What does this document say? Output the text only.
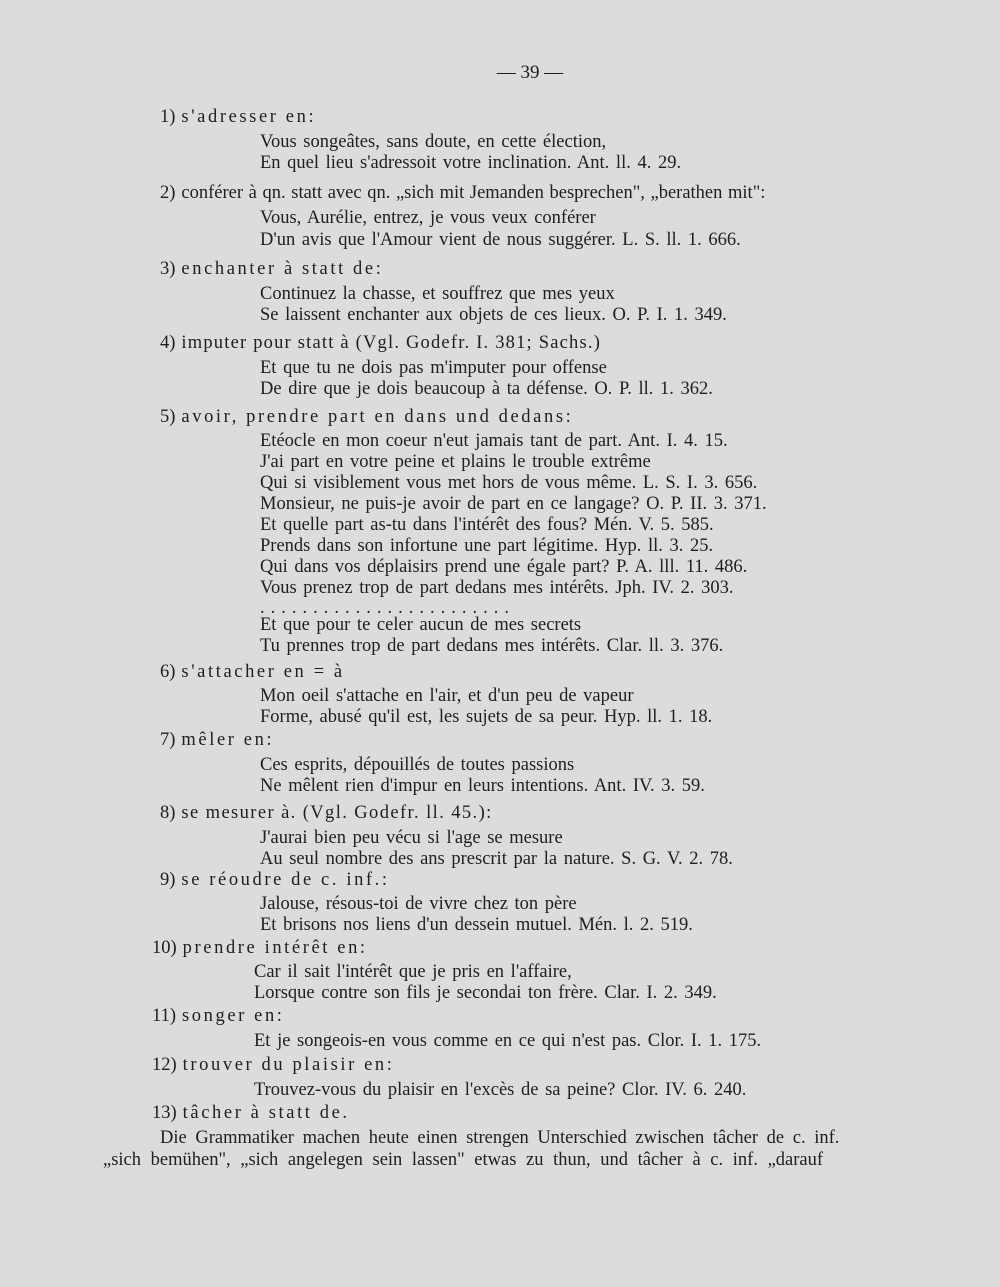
— 39 —
1) s'adresser en:
Vous songeâtes, sans doute, en cette élection,
En quel lieu s'adressoit votre inclination. Ant. ll. 4. 29.
2) conférer à qn. statt avec qn. „sich mit Jemanden besprechen", „berathen mit":
Vous, Aurélie, entrez, je vous veux conférer
D'un avis que l'Amour vient de nous suggérer. L. S. ll. 1. 666.
3) enchanter à statt de:
Continuez la chasse, et souffrez que mes yeux
Se laissent enchanter aux objets de ces lieux. O. P. I. 1. 349.
4) imputer pour statt à (Vgl. Godefr. I. 381; Sachs.)
Et que tu ne dois pas m'imputer pour offense
De dire que je dois beaucoup à ta défense. O. P. ll. 1. 362.
5) avoir, prendre part en dans und dedans:
Etéocle en mon coeur n'eut jamais tant de part. Ant. I. 4. 15.
J'ai part en votre peine et plains le trouble extrême
Qui si visiblement vous met hors de vous même. L. S. I. 3. 656.
Monsieur, ne puis-je avoir de part en ce langage? O. P. II. 3. 371.
Et quelle part as-tu dans l'intérêt des fous? Mén. V. 5. 585.
Prends dans son infortune une part légitime. Hyp. ll. 3. 25.
Qui dans vos déplaisirs prend une égale part? P. A. lll. 11. 486.
Vous prenez trop de part dedans mes intérêts. Jph. IV. 2. 303.
........................
Et que pour te celer aucun de mes secrets
Tu prennes trop de part dedans mes intérêts. Clar. ll. 3. 376.
6) s'attacher en = à
Mon oeil s'attache en l'air, et d'un peu de vapeur
Forme, abusé qu'il est, les sujets de sa peur. Hyp. ll. 1. 18.
7) mêler en:
Ces esprits, dépouillés de toutes passions
Ne mêlent rien d'impur en leurs intentions. Ant. IV. 3. 59.
8) se mesurer à. (Vgl. Godefr. ll. 45.):
J'aurai bien peu vécu si l'age se mesure
Au seul nombre des ans prescrit par la nature. S. G. V. 2. 78.
9) se réoudre de c. inf.:
Jalouse, résous-toi de vivre chez ton père
Et brisons nos liens d'un dessein mutuel. Mén. l. 2. 519.
10) prendre intérêt en:
Car il sait l'intérêt que je pris en l'affaire,
Lorsque contre son fils je secondai ton frère. Clar. I. 2. 349.
11) songer en:
Et je songeois-en vous comme en ce qui n'est pas. Clor. I. 1. 175.
12) trouver du plaisir en:
Trouvez-vous du plaisir en l'excès de sa peine? Clor. IV. 6. 240.
13) tâcher à statt de.
Die Grammatiker machen heute einen strengen Unterschied zwischen tâcher de c. inf.
„sich bemühen", „sich angelegen sein lassen" etwas zu thun, und tâcher à c. inf. „darauf
